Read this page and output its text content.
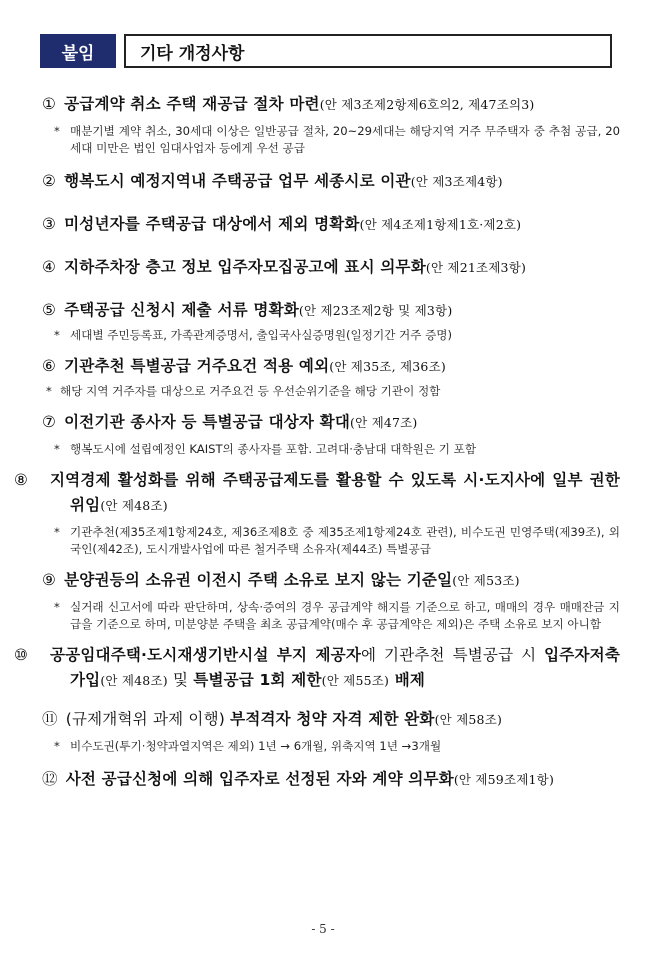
붙임	기타 개정사항
① 공급계약 취소 주택 재공급 절차 마련(안 제3조제2항제6호의2, 제47조의3)
* 매분기별 계약 취소, 30세대 이상은 일반공급 절차, 20~29세대는 해당지역 거주 무주택자 중 추첨 공급, 20세대 미만은 법인 임대사업자 등에게 우선 공급
② 행복도시 예정지역내 주택공급 업무 세종시로 이관(안 제3조제4항)
③ 미성년자를 주택공급 대상에서 제외 명확화(안 제4조제1항제1호·제2호)
④ 지하주차장 층고 정보 입주자모집공고에 표시 의무화(안 제21조제3항)
⑤ 주택공급 신청시 제출 서류 명확화(안 제23조제2항 및 제3항)
* 세대별 주민등록표, 가족관계증명서, 출입국사실증명원(일정기간 거주 증명)
⑥ 기관추천 특별공급 거주요건 적용 예외(안 제35조, 제36조)
* 해당 지역 거주자를 대상으로 거주요건 등 우선순위기준을 해당 기관이 정함
⑦ 이전기관 종사자 등 특별공급 대상자 확대(안 제47조)
* 행복도시에 설립예정인 KAIST의 종사자를 포함. 고려대·충남대 대학원은 기 포함
⑧ 지역경제 활성화를 위해 주택공급제도를 활용할 수 있도록 시·도지사에 일부 권한 위임(안 제48조)
* 기관추천(제35조제1항제24호, 제36조제8호 중 제35조제1항제24호 관련), 비수도권 민영주택(제39조), 외국인(제42조), 도시개발사업에 따른 철거주택 소유자(제44조) 특별공급
⑨ 분양권등의 소유권 이전시 주택 소유로 보지 않는 기준일(안 제53조)
* 실거래 신고서에 따라 판단하며, 상속·증여의 경우 공급계약 해지를 기준으로 하고, 매매의 경우 매매잔금 지급을 기준으로 하며, 미분양분 주택을 최초 공급계약(매수 후 공급계약은 제외)은 주택 소유로 보지 아니함
⑩ 공공임대주택·도시재생기반시설 부지 제공자에 기관추천 특별공급 시 입주자저축 가입(안 제48조) 및 특별공급 1회 제한(안 제55조) 배제
⑪ (규제개혁위 과제 이행) 부적격자 청약 자격 제한 완화(안 제58조)
* 비수도권(투기·청약과열지역은 제외) 1년 → 6개월, 위축지역 1년 →3개월
⑫ 사전 공급신청에 의해 입주자로 선정된 자와 계약 의무화(안 제59조제1항)
- 5 -
